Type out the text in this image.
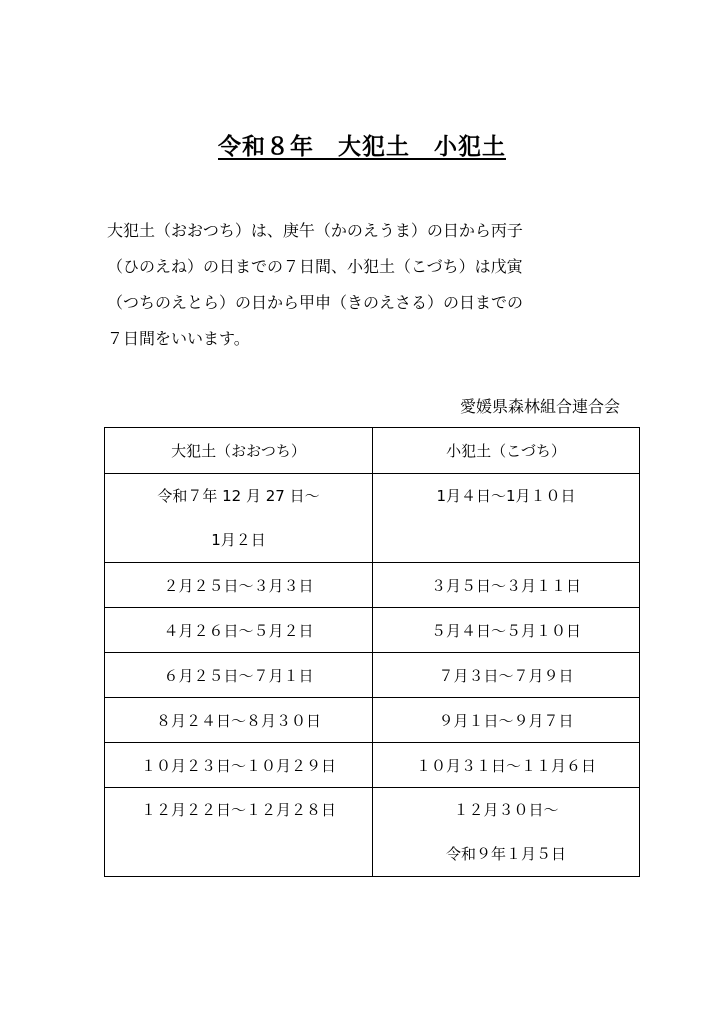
令和８年　大犯土　小犯土
大犯土（おおつち）は、庚午（かのえうま）の日から丙子
（ひのえね）の日までの７日間、小犯土（こづち）は戊寅
（つちのえとら）の日から甲申（きのえさる）の日までの
７日間をいいます。
愛媛県森林組合連合会
大犯土（おおつち）	小犯土（こづち）

令和７年 12 月 27 日～
1月２日	1月４日～1月１０日

２月２５日～３月３日	３月５日～３月１１日
４月２６日～５月２日	５月４日～５月１０日
６月２５日～７月１日	７月３日～７月９日
８月２４日～８月３０日	９月１日～９月７日
１０月２３日～１０月２９日	１０月３１日～１１月６日

１２月２２日～１２月２８日	１２月３０日～
令和９年１月５日
